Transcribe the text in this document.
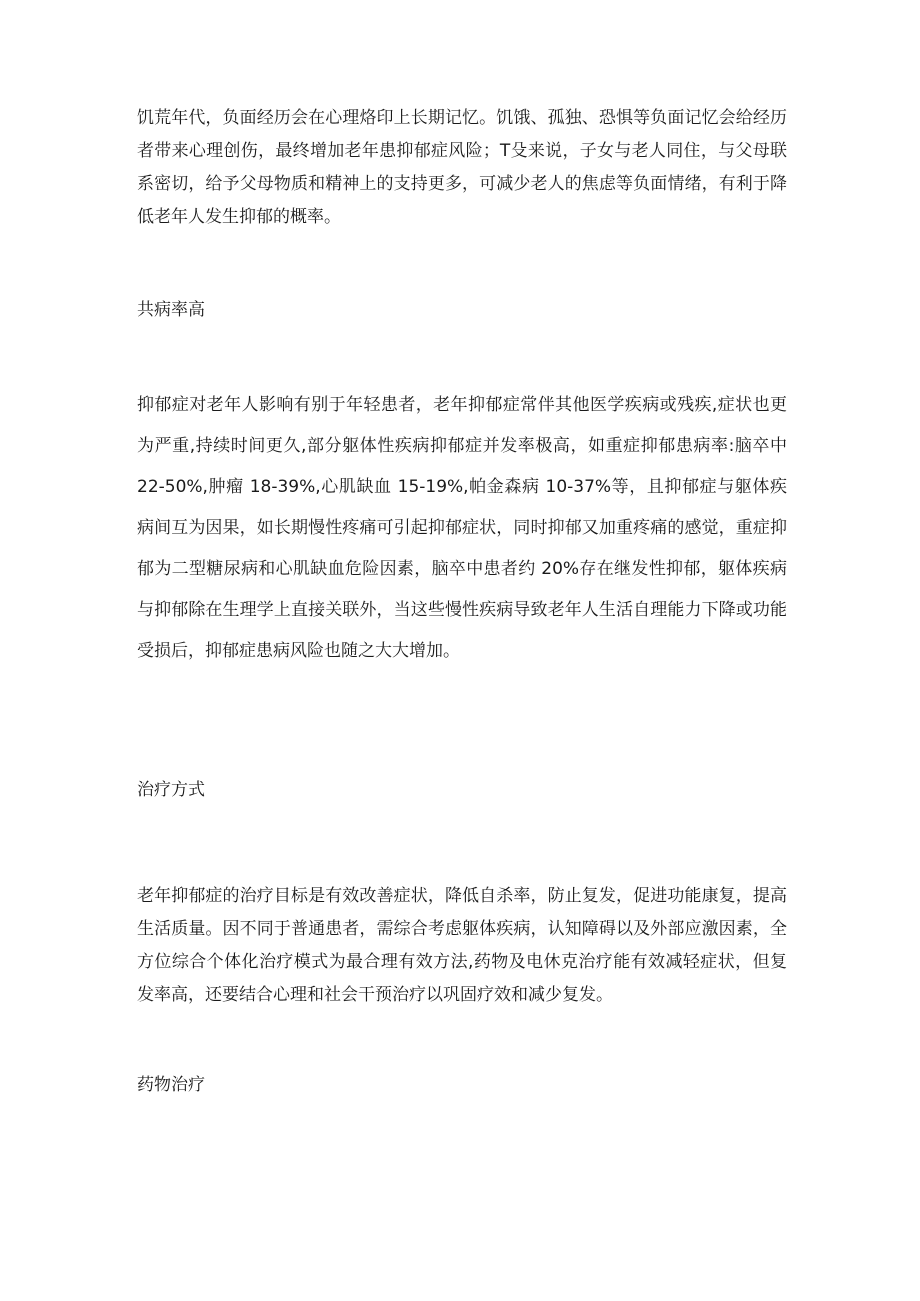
饥荒年代，负面经历会在心理烙印上长期记忆。饥饿、孤独、恐惧等负面记忆会给经历者带来心理创伤，最终增加老年患抑郁症风险；T殳来说，子女与老人同住，与父母联系密切，给予父母物质和精神上的支持更多，可减少老人的焦虑等负面情绪，有利于降低老年人发生抑郁的概率。

共病率高

抑郁症对老年人影响有别于年轻患者，老年抑郁症常伴其他医学疾病或残疾,症状也更为严重,持续时间更久,部分躯体性疾病抑郁症并发率极高，如重症抑郁患病率:脑卒中 22-50%,肿瘤 18-39%,心肌缺血 15-19%,帕金森病 10-37%等，且抑郁症与躯体疾病间互为因果，如长期慢性疼痛可引起抑郁症状，同时抑郁又加重疼痛的感觉，重症抑郁为二型糖尿病和心肌缺血危险因素，脑卒中患者约 20%存在继发性抑郁，躯体疾病与抑郁除在生理学上直接关联外，当这些慢性疾病导致老年人生活自理能力下降或功能受损后，抑郁症患病风险也随之大大增加。

治疗方式

老年抑郁症的治疗目标是有效改善症状，降低自杀率，防止复发，促进功能康复，提高生活质量。因不同于普通患者，需综合考虑躯体疾病，认知障碍以及外部应激因素，全方位综合个体化治疗模式为最合理有效方法,药物及电休克治疗能有效减轻症状，但复发率高，还要结合心理和社会干预治疗以巩固疗效和减少复发。

药物治疗
